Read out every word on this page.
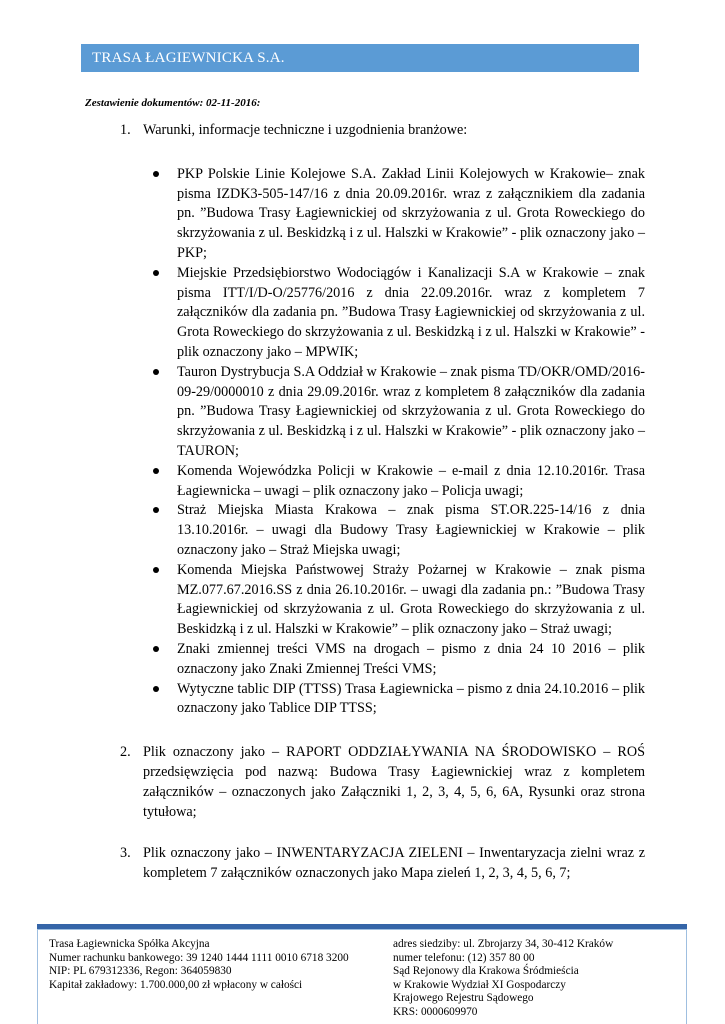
TRASA ŁAGIEWNICKA S.A.

Zestawienie dokumentów: 02-11-2016:

1. Warunki, informacje techniczne i uzgodnienia branżowe:
PKP Polskie Linie Kolejowe S.A. Zakład Linii Kolejowych w Krakowie– znak pisma IZDK3-505-147/16 z dnia 20.09.2016r. wraz z załącznikiem dla zadania pn. ”Budowa Trasy Łagiewnickiej od skrzyżowania z ul. Grota Roweckiego do skrzyżowania z ul. Beskidzką i z ul. Halszki w Krakowie” - plik oznaczony jako – PKP;
Miejskie Przedsiębiorstwo Wodociągów i Kanalizacji S.A w Krakowie – znak pisma ITT/I/D-O/25776/2016 z dnia 22.09.2016r. wraz z kompletem 7 załączników dla zadania pn. ”Budowa Trasy Łagiewnickiej od skrzyżowania z ul. Grota Roweckiego do skrzyżowania z ul. Beskidzką i z ul. Halszki w Krakowie” - plik oznaczony jako – MPWIK;
Tauron Dystrybucja S.A Oddział w Krakowie – znak pisma TD/OKR/OMD/2016-09-29/0000010 z dnia 29.09.2016r. wraz z kompletem 8 załączników dla zadania pn. ”Budowa Trasy Łagiewnickiej od skrzyżowania z ul. Grota Roweckiego do skrzyżowania z ul. Beskidzką i z ul. Halszki w Krakowie” - plik oznaczony jako – TAURON;
Komenda Wojewódzka Policji w Krakowie – e-mail z dnia 12.10.2016r. Trasa Łagiewnicka – uwagi – plik oznaczony jako – Policja uwagi;
Straż Miejska Miasta Krakowa – znak pisma ST.OR.225-14/16 z dnia 13.10.2016r. – uwagi dla Budowy Trasy Łagiewnickiej w Krakowie – plik oznaczony jako – Straż Miejska uwagi;
Komenda Miejska Państwowej Straży Pożarnej w Krakowie – znak pisma MZ.077.67.2016.SS z dnia 26.10.2016r. – uwagi dla zadania pn.: ”Budowa Trasy Łagiewnickiej od skrzyżowania z ul. Grota Roweckiego do skrzyżowania z ul. Beskidzką i z ul. Halszki w Krakowie” – plik oznaczony jako – Straż uwagi;
Znaki zmiennej treści VMS na drogach – pismo z dnia 24 10 2016 – plik oznaczony jako Znaki Zmiennej Treści VMS;
Wytyczne tablic DIP (TTSS) Trasa Łagiewnicka – pismo z dnia 24.10.2016 – plik oznaczony jako Tablice DIP TTSS;
2. Plik oznaczony jako – RAPORT ODDZIAŁYWANIA NA ŚRODOWISKO – ROŚ przedsięwzięcia pod nazwą: Budowa Trasy Łagiewnickiej wraz z kompletem załączników – oznaczonych jako Załączniki 1, 2, 3, 4, 5, 6, 6A, Rysunki oraz strona tytułowa;
3. Plik oznaczony jako – INWENTARYZACJA ZIELENI – Inwentaryzacja zielni wraz z kompletem 7 załączników oznaczonych jako Mapa zieleń 1, 2, 3, 4, 5, 6, 7;
Trasa Łagiewnicka Spółka Akcyjna
Numer rachunku bankowego: 39 1240 1444 1111 0010 6718 3200
NIP: PL 679312336, Regon: 364059830
Kapitał zakładowy: 1.700.000,00 zł wpłacony w całości
adres siedziby: ul. Zbrojarzy 34, 30-412 Kraków
numer telefonu: (12) 357 80 00
Sąd Rejonowy dla Krakowa Śródmieścia
w Krakowie Wydział XI Gospodarczy
Krajowego Rejestru Sądowego
KRS: 0000609970
